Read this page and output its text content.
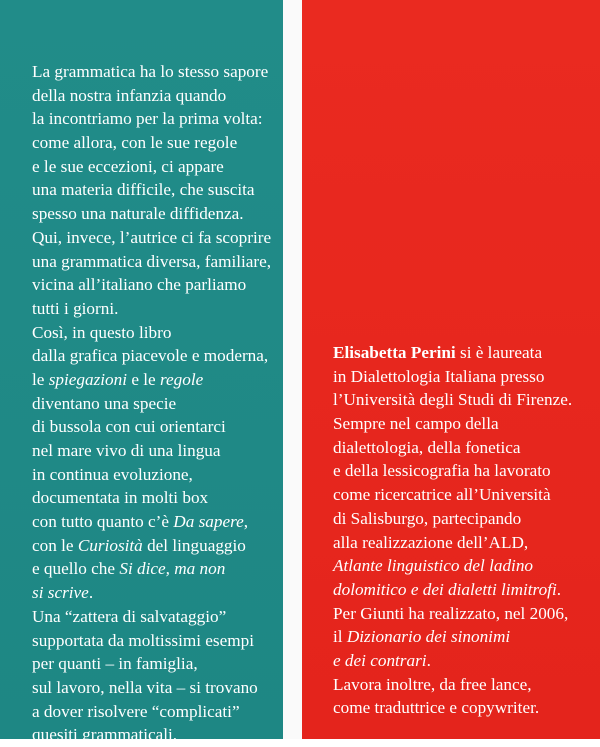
La grammatica ha lo stesso sapore
della nostra infanzia quando
la incontriamo per la prima volta:
come allora, con le sue regole
e le sue eccezioni, ci appare
una materia difficile, che suscita
spesso una naturale diffidenza.
Qui, invece, l’autrice ci fa scoprire
una grammatica diversa, familiare,
vicina all’italiano che parliamo
tutti i giorni.
Così, in questo libro
dalla grafica piacevole e moderna,
le spiegazioni e le regole
diventano una specie
di bussola con cui orientarci
nel mare vivo di una lingua
in continua evoluzione,
documentata in molti box
con tutto quanto c’è Da sapere,
con le Curiosità del linguaggio
e quello che Si dice, ma non
si scrive.
Una “zattera di salvataggio”
supportata da moltissimi esempi
per quanti – in famiglia,
sul lavoro, nella vita – si trovano
a dover risolvere “complicati”
quesiti grammaticali.
Elisabetta Perini si è laureata
in Dialettologia Italiana presso
l’Università degli Studi di Firenze.
Sempre nel campo della
dialettologia, della fonetica
e della lessicografia ha lavorato
come ricercatrice all’Università
di Salisburgo, partecipando
alla realizzazione dell’ALD,
Atlante linguistico del ladino
dolomitico e dei dialetti limitrofi.
Per Giunti ha realizzato, nel 2006,
il Dizionario dei sinonimi
e dei contrari.
Lavora inoltre, da free lance,
come traduttrice e copywriter.
